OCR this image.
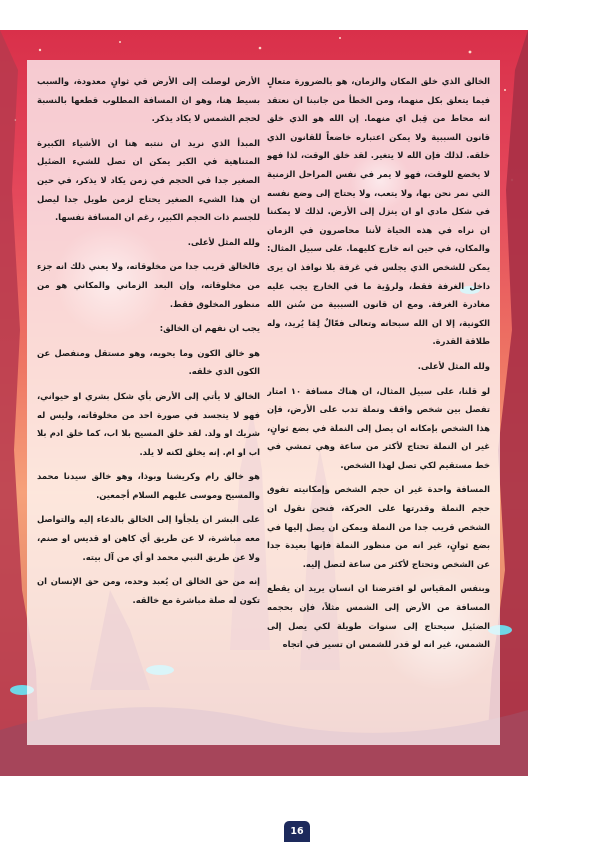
الخالق الذي خلق المكان والزمان، هو بالضرورة متعالٍ فيما يتعلق بكل منهما، ومن الخطأ من جانبنا ان نعتقد انه محاط من قِبل اي منهما. إن الله هو الذي خلق قانون السببية ولا يمكن اعتباره خاضعاً للقانون الذي خلقه. لذلك فإن الله لا يتغير. لقد خلق الوقت، لذا فهو لا يخضع للوقت، فهو لا يمر في نفس المراحل الزمنية التي نمر نحن بها، ولا يتعب، ولا يحتاج إلى وضع نفسه في شكل مادي او ان ينزل إلى الأرض. لذلك لا يمكننا ان نراه في هذه الحياة لأننا محاصرون في الزمان والمكان، في حين انه خارج كليهما. على سبيل المثال: يمكن للشخص الذي يجلس في غرفة بلا نوافذ ان يرى داخل الغرفة فقط، ولرؤية ما في الخارج يجب عليه مغادرة الغرفة. ومع ان قانون السببية من سُنن الله الكونية، إلا ان الله سبحانه وتعالى فعّالٌ لِمَا يُريد، وله طلاقة القدرة.

ولله المثل لأعلى.

لو قلنا، على سبيل المثال، ان هناك مسافة ١٠ امتار تفصل بين شخص واقف ونملة تدب على الأرض، فإن هذا الشخص بإمكانه ان يصل إلى النملة في بضع ثوانٍ، غير ان النملة تحتاج لأكثر من ساعة وهي تمشي في خط مستقيم لكي تصل لهذا الشخص.

المسافة واحدة غير ان حجم الشخص وإمكانيته تفوق حجم النملة وقدرتها على الحركة، فنحن نقول ان الشخص قريب جدا من النملة ويمكن ان يصل إليها في بضع ثوانٍ، غير انه من منظور النملة فإنها بعيدة جدا عن الشخص وتحتاج لأكثر من ساعة لتصل إليه.

وبنفس المقياس لو افترضنا ان انسان يريد ان يقطع المسافة من الأرض إلى الشمس مثلاً، فإن بحجمه الضئيل سيحتاج إلى سنوات طويلة لكي يصل إلى الشمس، غير انه لو قدر للشمس ان تسير في اتجاه

الأرض لوصلت إلى الأرض في ثوانٍ معدودة، والسبب بسيط هنا، وهو ان المسافة المطلوب قطعها بالنسبة لحجم الشمس لا يكاد يذكر.

المبدأ الذي نريد ان ننتبه هنا ان الأشياء الكبيرة المتناهية في الكبر يمكن ان تصل للشيء الضئيل الصغير جدا في الحجم في زمن يكاد لا يذكر، في حين ان هذا الشيء الصغير يحتاج لزمن طويل جدا ليصل للجسم ذات الحجم الكبير، رغم ان المسافة نفسها.

ولله المثل لأعلى.

فالخالق قريب جدا من مخلوقاته، ولا يعني ذلك انه جزء من مخلوقاته، وإن البعد الزماني والمكاني هو من منظور المخلوق فقط.

يجب ان نفهم ان الخالق:

هو خالق الكون وما يحويه، وهو مستقل ومنفصل عن الكون الذي خلقه.

الخالق لا يأتي إلى الأرض بأي شكل بشري او حيواني، فهو لا يتجسد في صورة احد من مخلوقاته، وليس له شريك او ولد. لقد خلق المسيح بلا اب، كما خلق ادم بلا اب او ام. إنه يخلق لكنه لا يلد.

هو خالق رام وكريشنا وبوذا، وهو خالق سيدنا محمد والمسيح وموسى عليهم السلام أجمعين.

على البشر ان يلجأوا إلى الخالق بالدعاء إليه والتواصل معه مباشرة، لا عن طريق أي كاهن او قديس او صنم، ولا عن طريق النبي محمد او أي من آل بيته.

إنه من حق الخالق ان يُعبد وحده، ومن حق الإنسان ان تكون له صلة مباشرة مع خالقه.

16
